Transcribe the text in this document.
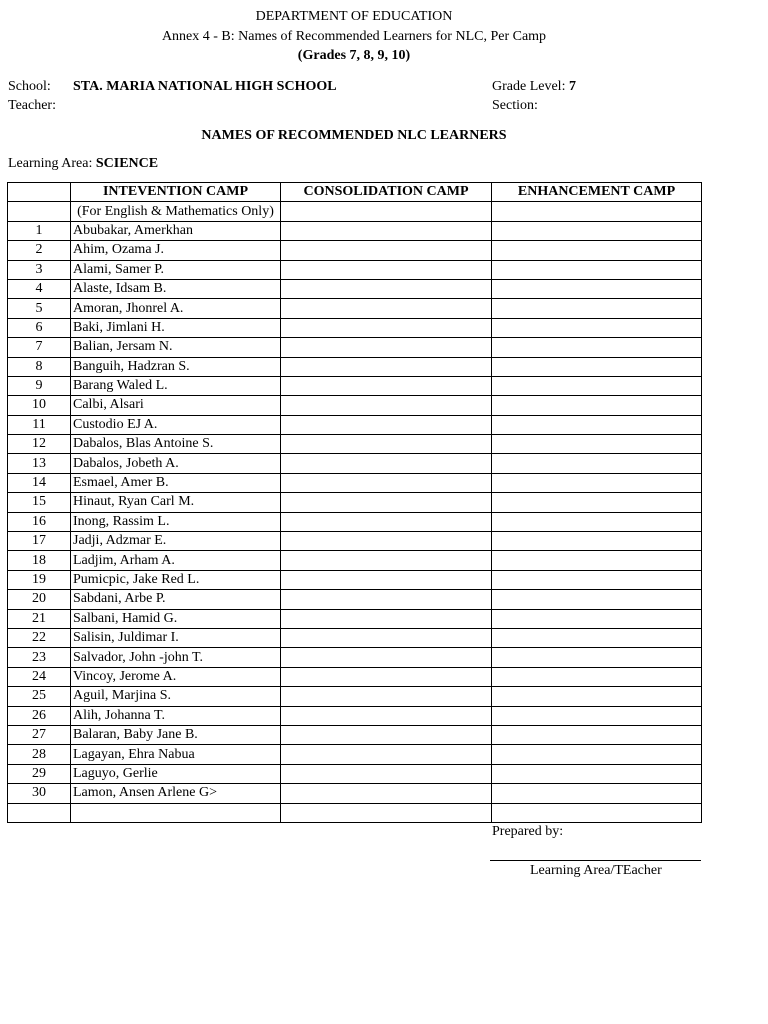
DEPARTMENT OF EDUCATION
Annex 4 - B: Names of Recommended Learners for NLC, Per Camp
(Grades 7, 8, 9, 10)
School: STA. MARIA NATIONAL HIGH SCHOOL	Grade Level: 7
Teacher:	Section:
NAMES OF RECOMMENDED NLC LEARNERS
Learning Area: SCIENCE
	INTEVENTION CAMP	CONSOLIDATION CAMP	ENHANCEMENT CAMP
	(For English & Mathematics Only)		
1	Abubakar, Amerkhan		
2	Ahim, Ozama J.		
3	Alami, Samer P.		
4	Alaste, Idsam B.		
5	Amoran, Jhonrel A.		
6	Baki, Jimlani H.		
7	Balian, Jersam N.		
8	Banguih, Hadzran S.		
9	Barang Waled L.		
10	Calbi, Alsari		
11	Custodio EJ A.		
12	Dabalos, Blas Antoine S.		
13	Dabalos, Jobeth A.		
14	Esmael, Amer B.		
15	Hinaut, Ryan Carl M.		
16	Inong, Rassim L.		
17	Jadji, Adzmar E.		
18	Ladjim, Arham A.		
19	Pumicpic, Jake Red L.		
20	Sabdani, Arbe P.		
21	Salbani, Hamid G.		
22	Salisin, Juldimar I.		
23	Salvador, John -john T.		
24	Vincoy, Jerome A.		
25	Aguil, Marjina S.		
26	Alih, Johanna T.		
27	Balaran, Baby Jane B.		
28	Lagayan, Ehra Nabua		
29	Laguyo, Gerlie		
30	Lamon, Ansen Arlene G>		

Prepared by:
Learning Area/TEacher
